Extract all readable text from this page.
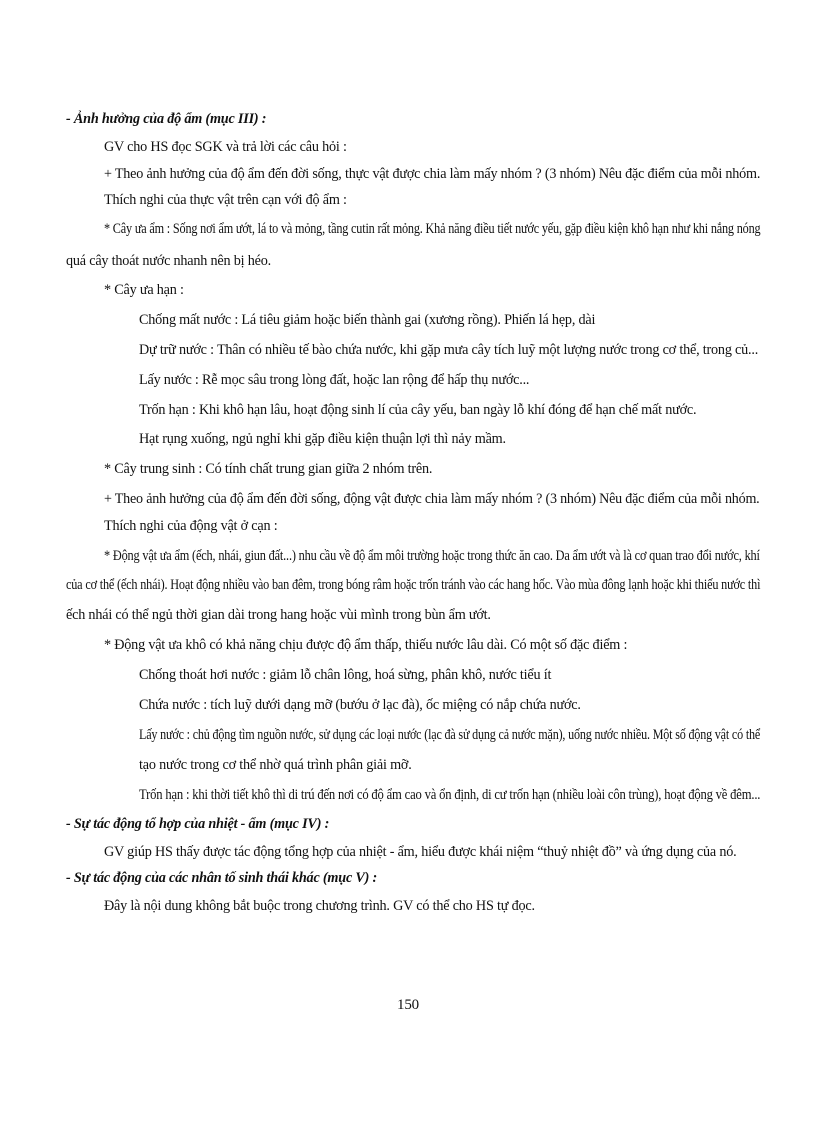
- Ảnh hưởng của độ ẩm (mục III) :
GV cho HS đọc SGK và trả lời các câu hỏi :
+ Theo ảnh hưởng của độ ẩm đến đời sống, thực vật được chia làm mấy nhóm ? (3 nhóm) Nêu đặc điểm của mỗi nhóm.
Thích nghi của thực vật trên cạn với độ ẩm :
* Cây ưa ẩm : Sống nơi ẩm ướt, lá to và mỏng, tầng cutin rất mỏng. Khả năng điều tiết nước yếu, gặp điều kiện khô hạn như khi nắng nóng
quá cây thoát nước nhanh nên bị héo.
* Cây ưa hạn :
Chống mất nước : Lá tiêu giảm hoặc biến thành gai (xương rồng). Phiến lá hẹp, dài
Dự trữ nước : Thân có nhiều tế bào chứa nước, khi gặp mưa cây tích luỹ một lượng nước trong cơ thể, trong củ...
Lấy nước : Rễ mọc sâu trong lòng đất, hoặc lan rộng để hấp thụ nước...
Trốn hạn : Khi khô hạn lâu, hoạt động sinh lí của cây yếu, ban ngày lỗ khí đóng để hạn chế mất nước.
Hạt rụng xuống, ngủ nghỉ khi gặp điều kiện thuận lợi thì nảy mầm.
* Cây trung sinh : Có tính chất trung gian giữa 2 nhóm trên.
+ Theo ảnh hưởng của độ ẩm đến đời sống, động vật được chia làm mấy nhóm ? (3 nhóm) Nêu đặc điểm của mỗi nhóm.
Thích nghi của động vật ở cạn :
* Động vật ưa ẩm (ếch, nhái, giun đất...) nhu cầu về độ ẩm môi trường hoặc trong thức ăn cao. Da ẩm ướt và là cơ quan trao đổi nước, khí
của cơ thể (ếch nhái). Hoạt động nhiều vào ban đêm, trong bóng râm hoặc trốn tránh vào các hang hốc. Vào mùa đông lạnh hoặc khi thiếu nước thì
ếch nhái có thể ngủ thời gian dài trong hang hoặc vùi mình trong bùn ẩm ướt.
* Động vật ưa khô có khả năng chịu được độ ẩm thấp, thiếu nước lâu dài. Có một số đặc điểm :
Chống thoát hơi nước : giảm lỗ chân lông, hoá sừng, phân khô, nước tiểu ít
Chứa nước : tích luỹ dưới dạng mỡ (bướu ở lạc đà), ốc miệng có nắp chứa nước.
Lấy nước : chủ động tìm nguồn nước, sử dụng các loại nước (lạc đà sử dụng cả nước mặn), uống nước nhiều. Một số động vật có thể
tạo nước trong cơ thể nhờ quá trình phân giải mỡ.
Trốn hạn : khi thời tiết khô thì di trú đến nơi có độ ẩm cao và ổn định, di cư trốn hạn (nhiều loài côn trùng), hoạt động về đêm...
- Sự tác động tổ hợp của nhiệt - ẩm (mục IV) :
GV giúp HS thấy được tác động tổng hợp của nhiệt - ẩm, hiểu được khái niệm “thuỷ nhiệt đồ” và ứng dụng của nó.
- Sự tác động của các nhân tố sinh thái khác (mục V) :
Đây là nội dung không bắt buộc trong chương trình. GV có thể cho HS tự đọc.
150
